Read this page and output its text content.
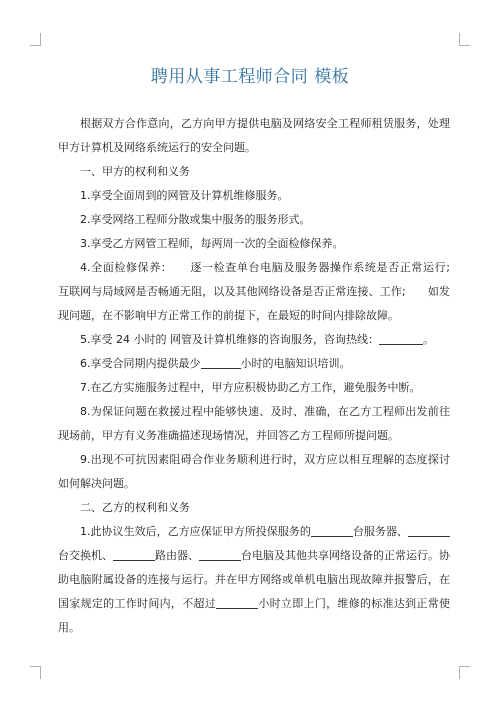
聘用从事工程师合同 模板

根据双方合作意向，乙方向甲方提供电脑及网络安全工程师租赁服务，处理甲方计算机及网络系统运行的安全问题。

一、甲方的权利和义务

1.享受全面周到的网管及计算机维修服务。

2.享受网络工程师分散或集中服务的服务形式。

3.享受乙方网管工程师，每两周一次的全面检修保养。

4.全面检修保养：　　逐一检查单台电脑及服务器操作系统是否正常运行;　　互联网与局域网是否畅通无阻，以及其他网络设备是否正常连接、工作;　　如发现问题，在不影响甲方正常工作的前提下，在最短的时间内排除故障。

5.享受 24 小时的 网管及计算机维修的咨询服务，咨询热线：	。

6.享受合同期内提供最少	小时的电脑知识培训。

7.在乙方实施服务过程中，甲方应积极协助乙方工作，避免服务中断。

8.为保证问题在救援过程中能够快速、及时、准确，在乙方工程师出发前往现场前，甲方有义务准确描述现场情况，并回答乙方工程师所提问题。

9.出现不可抗因素阻碍合作业务顺利进行时，双方应以相互理解的态度探讨如何解决问题。

二、乙方的权利和义务

1.此协议生效后，乙方应保证甲方所投保服务的	台服务器、台交换机、	路由器、	台电脑及其他共享网络设备的正常运行。协助电脑附属设备的连接与运行。并在甲方网络或单机电脑出现故障并报警后，在国家规定的工作时间内，不超过	小时立即上门，维修的标准达到正常使用。
